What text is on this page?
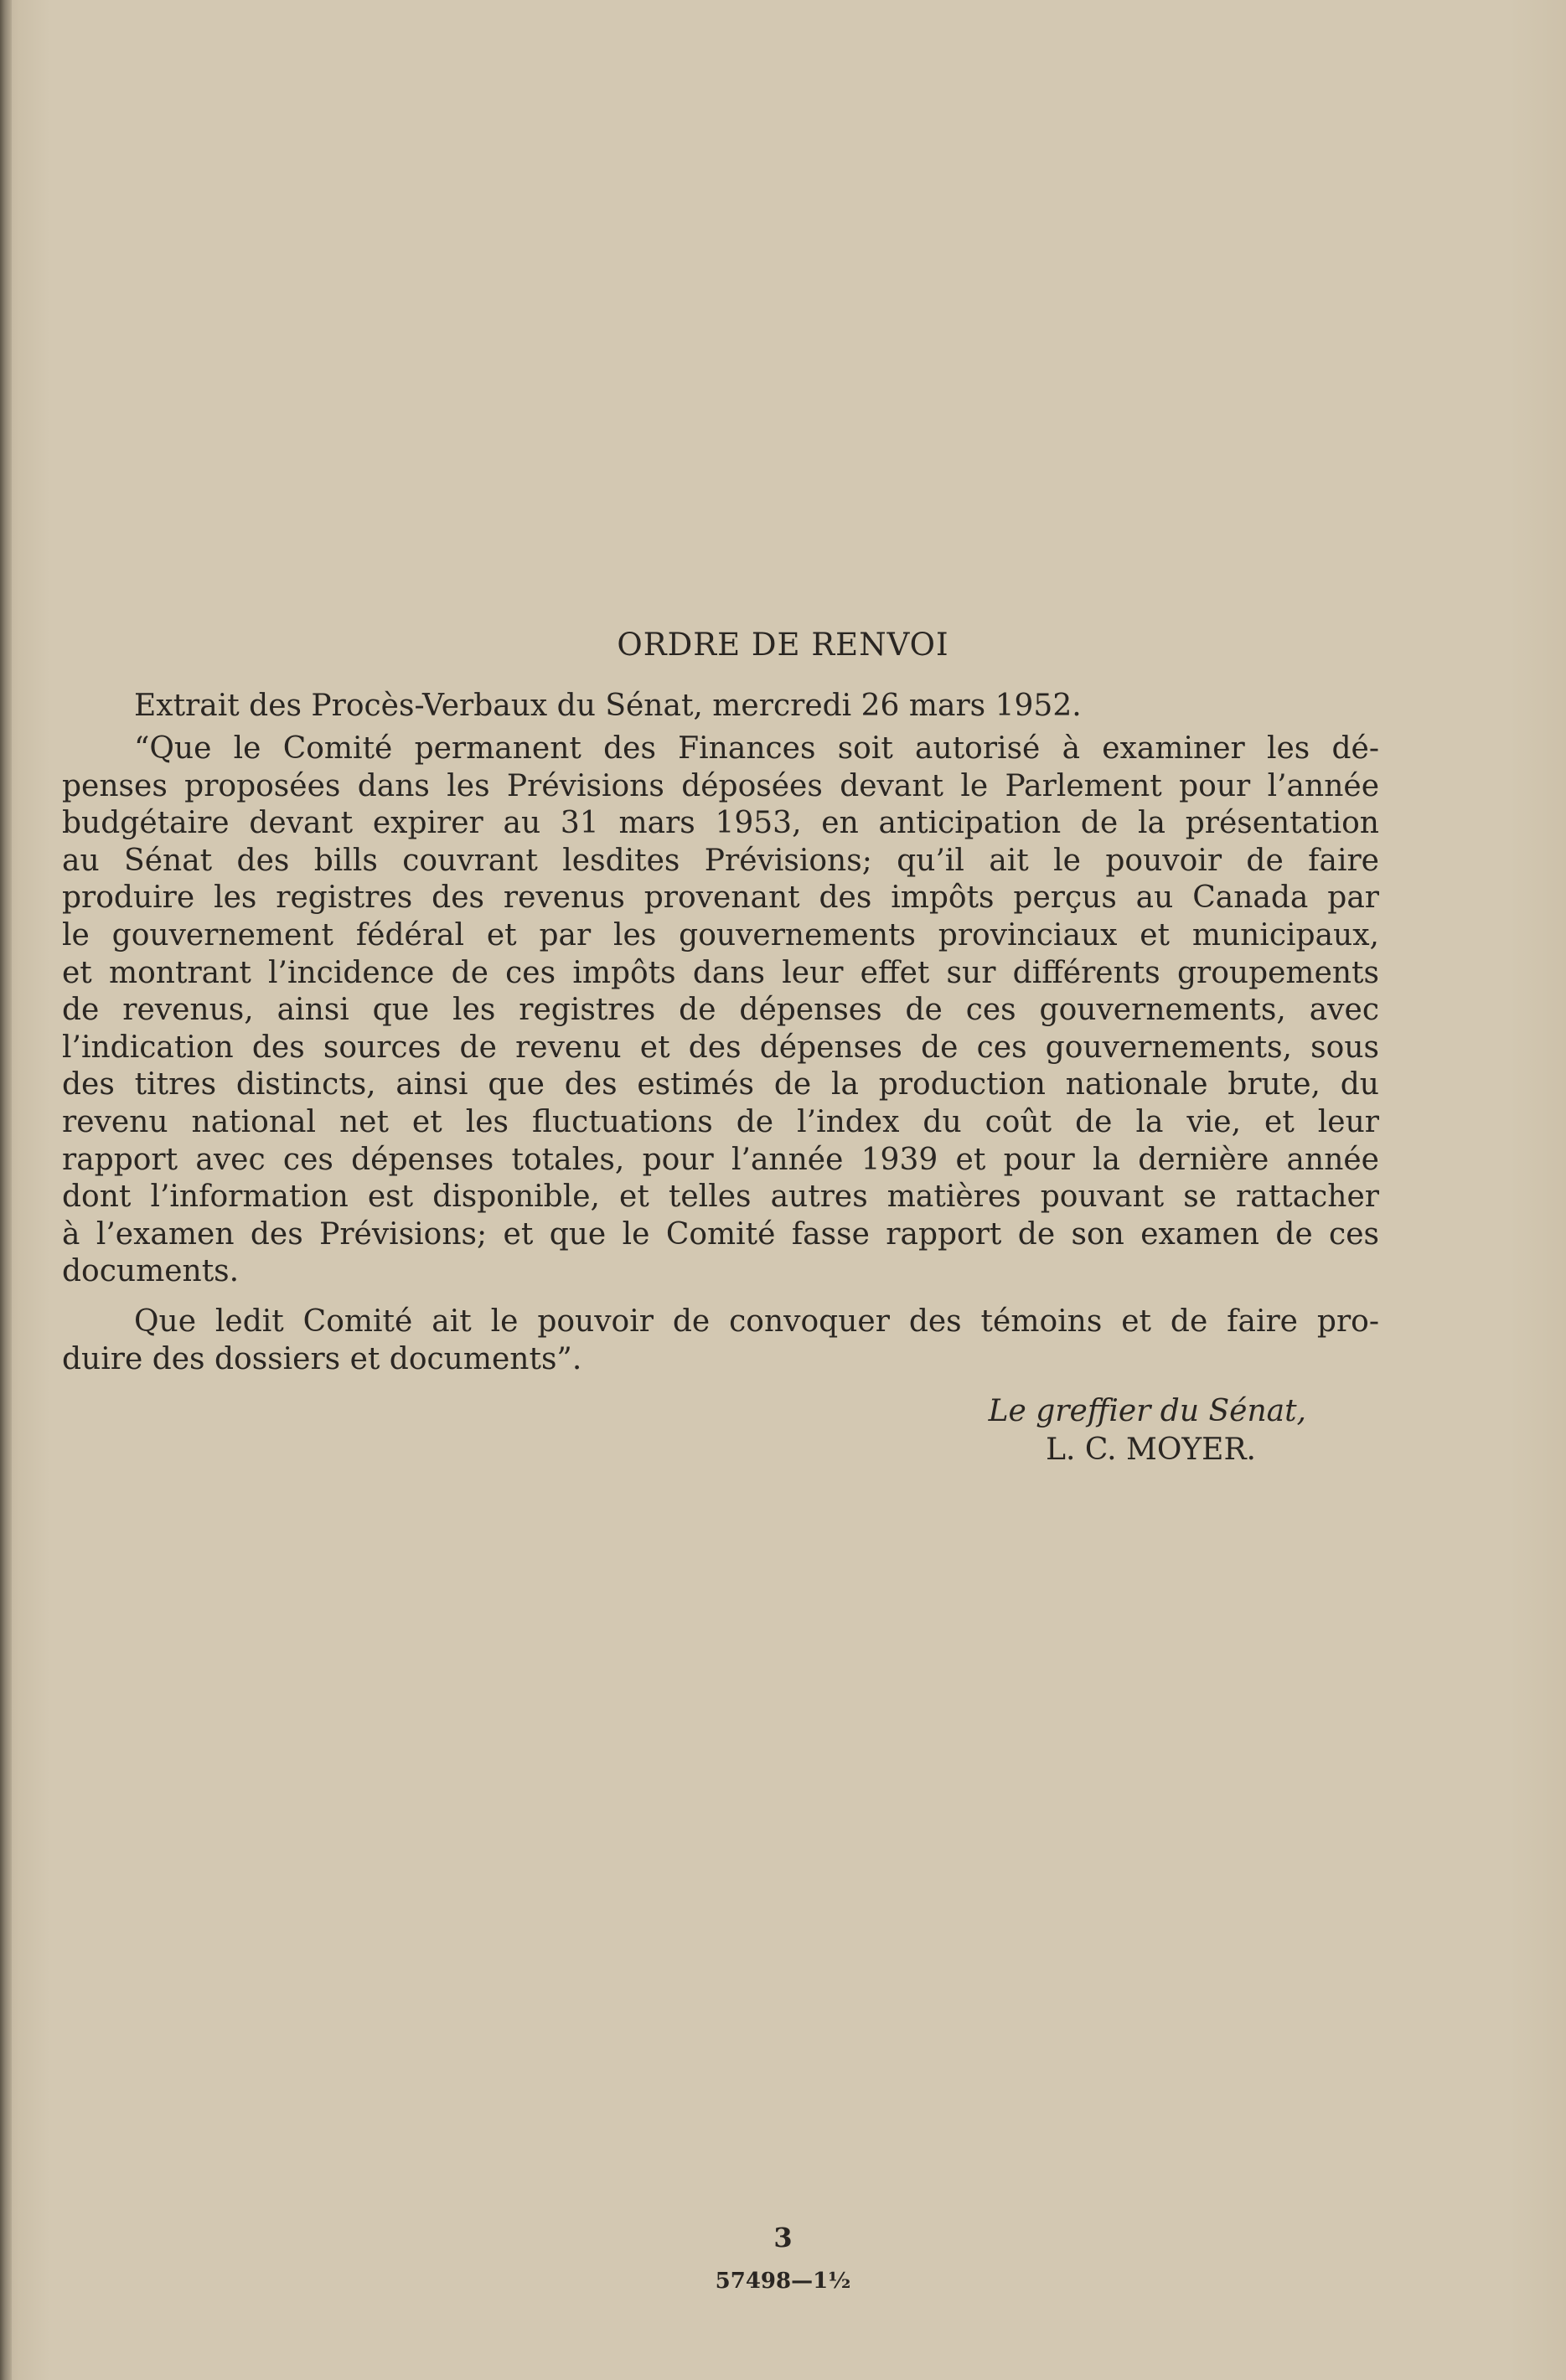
ORDRE DE RENVOI
Extrait des Procès-Verbaux du Sénat, mercredi 26 mars 1952.
“Que le Comité permanent des Finances soit autorisé à examiner les dé-
penses proposées dans les Prévisions déposées devant le Parlement pour l’année
budgétaire devant expirer au 31 mars 1953, en anticipation de la présentation
au Sénat des bills couvrant lesdites Prévisions; qu’il ait le pouvoir de faire
produire les registres des revenus provenant des impôts perçus au Canada par
le gouvernement fédéral et par les gouvernements provinciaux et municipaux,
et montrant l’incidence de ces impôts dans leur effet sur différents groupements
de revenus, ainsi que les registres de dépenses de ces gouvernements, avec
l’indication des sources de revenu et des dépenses de ces gouvernements, sous
des titres distincts, ainsi que des estimés de la production nationale brute, du
revenu national net et les fluctuations de l’index du coût de la vie, et leur
rapport avec ces dépenses totales, pour l’année 1939 et pour la dernière année
dont l’information est disponible, et telles autres matières pouvant se rattacher
à l’examen des Prévisions; et que le Comité fasse rapport de son examen de ces
documents.
Que ledit Comité ait le pouvoir de convoquer des témoins et de faire pro-
duire des dossiers et documents”.
Le greffier du Sénat,
L. C. MOYER.
3
57498—1½
